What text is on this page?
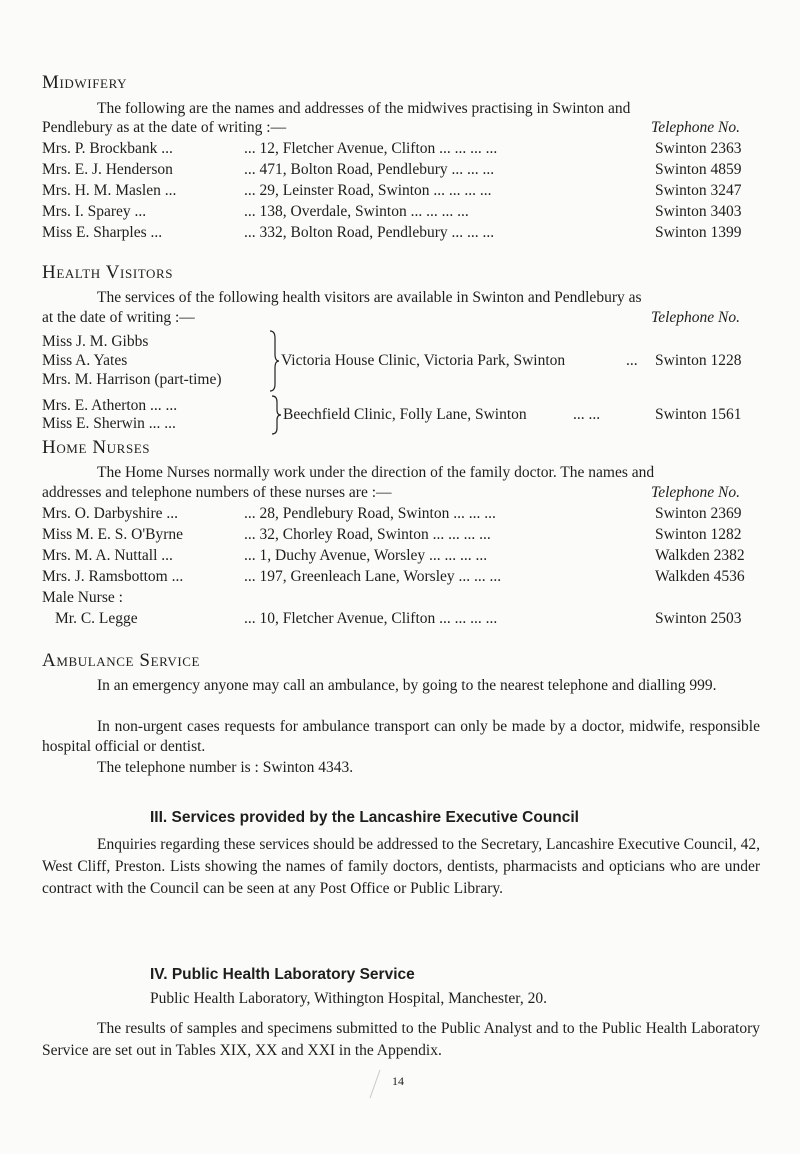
Midwifery
The following are the names and addresses of the midwives practising in Swinton and
Pendlebury as at the date of writing :—	Telephone No.
Mrs. P. Brockbank ...	... 12, Fletcher Avenue, Clifton ... ... ... ...	Swinton 2363
Mrs. E. J. Henderson	... 471, Bolton Road, Pendlebury ... ... ...	Swinton 4859
Mrs. H. M. Maslen ...	... 29, Leinster Road, Swinton ... ... ... ...	Swinton 3247
Mrs. I. Sparey ...	... 138, Overdale, Swinton ... ... ... ...	Swinton 3403
Miss E. Sharples ...	... 332, Bolton Road, Pendlebury ... ... ...	Swinton 1399
Health Visitors
The services of the following health visitors are available in Swinton and Pendlebury as
at the date of writing :—	Telephone No.
Miss J. M. Gibbs
Miss A. Yates
Mrs. M. Harrison (part-time)
Victoria House Clinic, Victoria Park, Swinton	... Swinton 1228
Mrs. E. Atherton ... ...
Miss E. Sherwin ... ...
Beechfield Clinic, Folly Lane, Swinton	... ...	Swinton 1561
Home Nurses
The Home Nurses normally work under the direction of the family doctor. The names and
addresses and telephone numbers of these nurses are :—	Telephone No.
Mrs. O. Darbyshire ...	... 28, Pendlebury Road, Swinton ... ... ...	Swinton 2369
Miss M. E. S. O'Byrne	... 32, Chorley Road, Swinton ... ... ... ...	Swinton 1282
Mrs. M. A. Nuttall ...	... 1, Duchy Avenue, Worsley ... ... ... ...	Walkden 2382
Mrs. J. Ramsbottom ...	... 197, Greenleach Lane, Worsley ... ... ...	Walkden 4536
Male Nurse :
Mr. C. Legge	... 10, Fletcher Avenue, Clifton ... ... ... ...	Swinton 2503
Ambulance Service
In an emergency anyone may call an ambulance, by going to the nearest telephone and dialling 999.
In non-urgent cases requests for ambulance transport can only be made by a doctor, midwife, responsible hospital official or dentist.
The telephone number is : Swinton 4343.
III. Services provided by the Lancashire Executive Council
Enquiries regarding these services should be addressed to the Secretary, Lancashire Executive Council, 42, West Cliff, Preston. Lists showing the names of family doctors, dentists, pharmacists and opticians who are under contract with the Council can be seen at any Post Office or Public Library.
IV. Public Health Laboratory Service
Public Health Laboratory, Withington Hospital, Manchester, 20.
The results of samples and specimens submitted to the Public Analyst and to the Public Health Laboratory Service are set out in Tables XIX, XX and XXI in the Appendix.
14
